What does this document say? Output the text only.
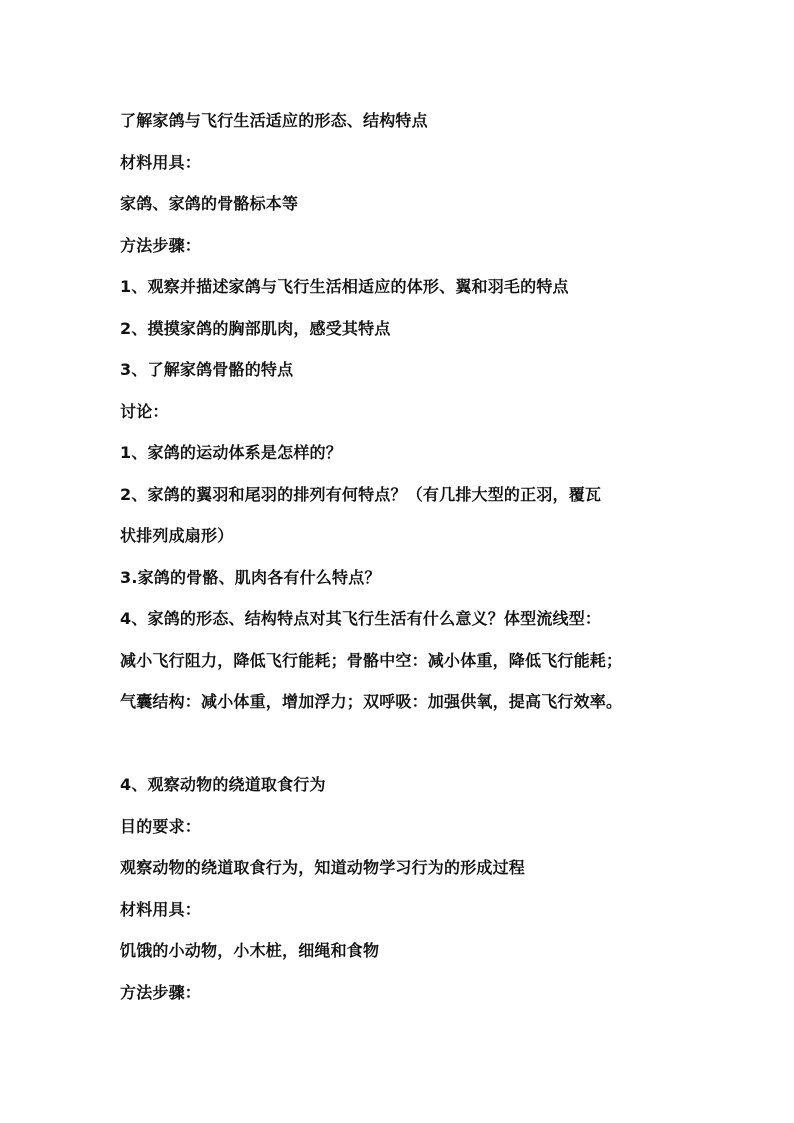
了解家鸽与飞行生活适应的形态、结构特点
材料用具：
家鸽、家鸽的骨骼标本等
方法步骤：
1、观察并描述家鸽与飞行生活相适应的体形、翼和羽毛的特点
2、摸摸家鸽的胸部肌肉，感受其特点
3、了解家鸽骨骼的特点
讨论：
1、家鸽的运动体系是怎样的？
2、家鸽的翼羽和尾羽的排列有何特点？（有几排大型的正羽，覆瓦
状排列成扇形）
3.家鸽的骨骼、肌肉各有什么特点？
4、家鸽的形态、结构特点对其飞行生活有什么意义？体型流线型：
减小飞行阻力，降低飞行能耗；骨骼中空：减小体重，降低飞行能耗；
气囊结构：减小体重，增加浮力；双呼吸：加强供氧，提高飞行效率。
4、观察动物的绕道取食行为
目的要求：
观察动物的绕道取食行为，知道动物学习行为的形成过程
材料用具：
饥饿的小动物，小木桩，细绳和食物
方法步骤：
